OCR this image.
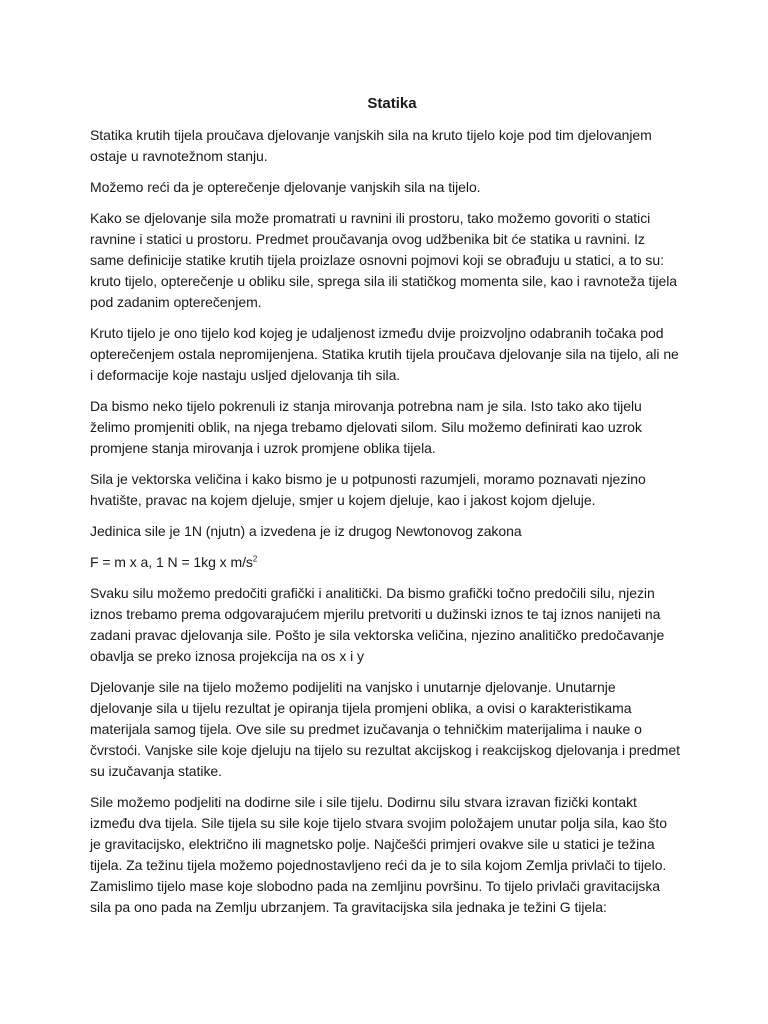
Statika

Statika krutih tijela proučava djelovanje vanjskih sila na kruto tijelo koje pod tim djelovanjem ostaje u ravnotežnom stanju.

Možemo reći da je opterečenje djelovanje vanjskih sila na tijelo.

Kako se djelovanje sila može promatrati u ravnini ili prostoru, tako možemo govoriti o statici ravnine i statici u prostoru. Predmet proučavanja ovog udžbenika bit će statika u ravnini. Iz same definicije statike krutih tijela proizlaze osnovni pojmovi koji se obrađuju u statici, a to su: kruto tijelo, opterečenje u obliku sile, sprega sila ili statičkog momenta sile, kao i ravnoteža tijela pod zadanim opterečenjem.

Kruto tijelo je ono tijelo kod kojeg je udaljenost između dvije proizvoljno odabranih točaka pod opterečenjem ostala nepromijenjena. Statika krutih tijela proučava djelovanje sila na tijelo, ali ne i deformacije koje nastaju usljed djelovanja tih sila.

Da bismo neko tijelo pokrenuli iz stanja mirovanja potrebna nam je sila. Isto tako ako tijelu želimo promjeniti oblik, na njega trebamo djelovati silom. Silu možemo definirati kao uzrok promjene stanja mirovanja i uzrok promjene oblika tijela.

Sila je vektorska veličina i kako bismo je u potpunosti razumjeli, moramo poznavati njezino hvatište, pravac na kojem djeluje, smjer u kojem djeluje, kao i jakost kojom djeluje.

Jedinica sile je 1N (njutn) a izvedena je iz drugog Newtonovog zakona

F = m x a, 1 N = 1kg x $m/s^2$

Svaku silu možemo predočiti grafički i analitički. Da bismo grafički točno predočili silu, njezin iznos trebamo prema odgovarajućem mjerilu pretvoriti u dužinski iznos te taj iznos nanijeti na zadani pravac djelovanja sile. Pošto je sila vektorska veličina, njezino analitičko predočavanje obavlja se preko iznosa projekcija na os x i y

Djelovanje sile na tijelo možemo podijeliti na vanjsko i unutarnje djelovanje. Unutarnje djelovanje sila u tijelu rezultat je opiranja tijela promjeni oblika, a ovisi o karakteristikama materijala samog tijela. Ove sile su predmet izučavanja o tehničkim materijalima i nauke o čvrstoći. Vanjske sile koje djeluju na tijelo su rezultat akcijskog i reakcijskog djelovanja i predmet su izučavanja statike.

Sile možemo podjeliti na dodirne sile i sile tijelu. Dodirnu silu stvara izravan fizički kontakt između dva tijela. Sile tijela su sile koje tijelo stvara svojim položajem unutar polja sila, kao što je gravitacijsko, električno ili magnetsko polje. Najčešći primjeri ovakve sile u statici je težina tijela. Za težinu tijela možemo pojednostavljeno reći da je to sila kojom Zemlja privlači to tijelo. Zamislimo tijelo mase koje slobodno pada na zemljinu površinu. To tijelo privlači gravitacijska sila pa ono pada na Zemlju ubrzanjem. Ta gravitacijska sila jednaka je težini G tijela:
